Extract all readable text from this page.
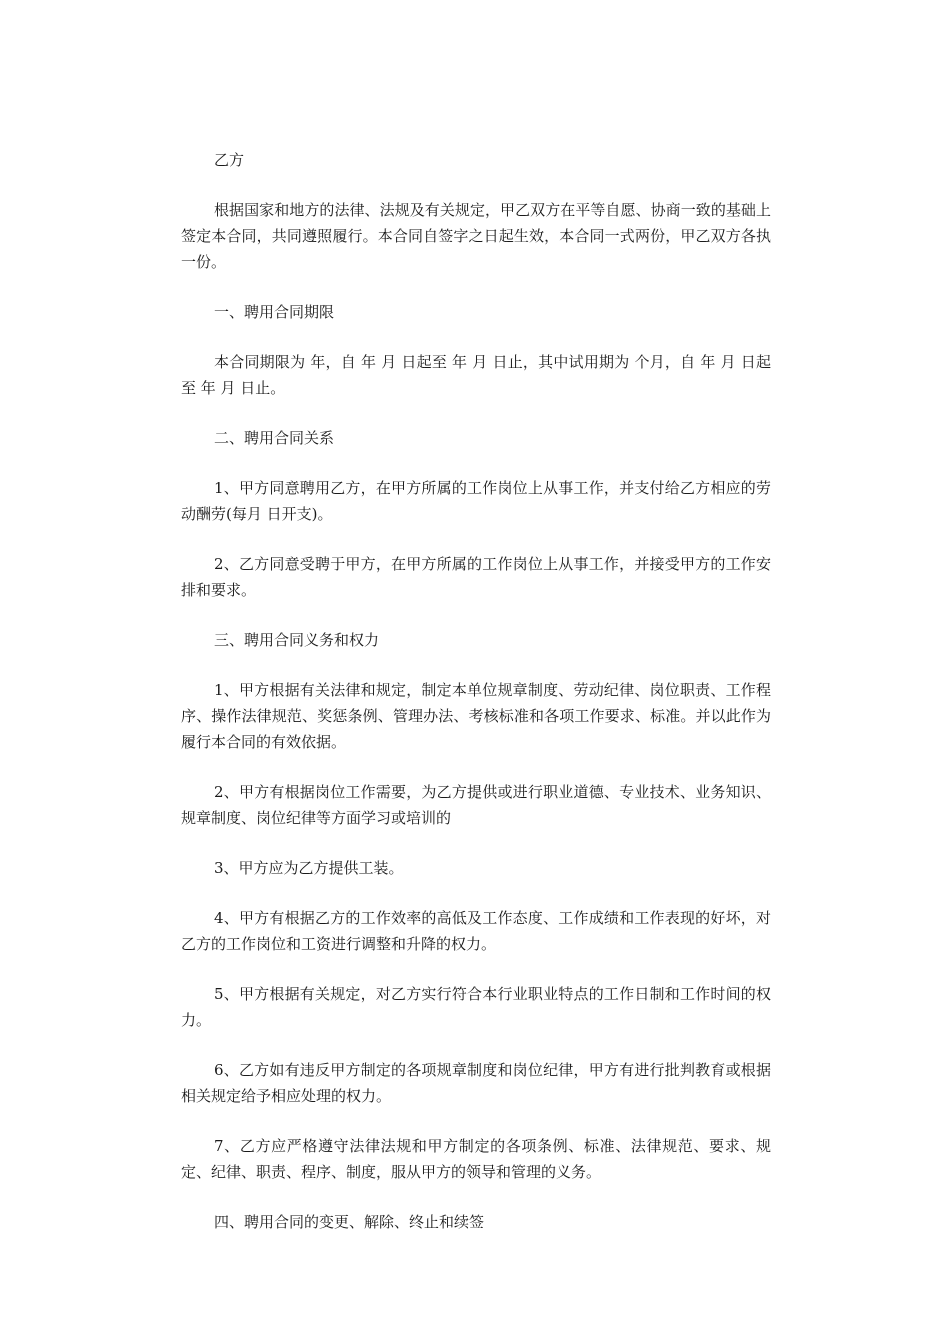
乙方

根据国家和地方的法律、法规及有关规定，甲乙双方在平等自愿、协商一致的基础上签定本合同，共同遵照履行。本合同自签字之日起生效，本合同一式两份，甲乙双方各执一份。

一、聘用合同期限

本合同期限为 年，自 年 月 日起至 年 月 日止，其中试用期为 个月，自 年 月 日起至 年 月 日止。

二、聘用合同关系

1、甲方同意聘用乙方，在甲方所属的工作岗位上从事工作，并支付给乙方相应的劳动酬劳(每月 日开支)。

2、乙方同意受聘于甲方，在甲方所属的工作岗位上从事工作，并接受甲方的工作安排和要求。

三、聘用合同义务和权力

1、甲方根据有关法律和规定，制定本单位规章制度、劳动纪律、岗位职责、工作程序、操作法律规范、奖惩条例、管理办法、考核标准和各项工作要求、标准。并以此作为履行本合同的有效依据。

2、甲方有根据岗位工作需要，为乙方提供或进行职业道德、专业技术、业务知识、规章制度、岗位纪律等方面学习或培训的

3、甲方应为乙方提供工装。

4、甲方有根据乙方的工作效率的高低及工作态度、工作成绩和工作表现的好坏，对乙方的工作岗位和工资进行调整和升降的权力。

5、甲方根据有关规定，对乙方实行符合本行业职业特点的工作日制和工作时间的权力。

6、乙方如有违反甲方制定的各项规章制度和岗位纪律，甲方有进行批判教育或根据相关规定给予相应处理的权力。

7、乙方应严格遵守法律法规和甲方制定的各项条例、标准、法律规范、要求、规定、纪律、职责、程序、制度，服从甲方的领导和管理的义务。

四、聘用合同的变更、解除、终止和续签
